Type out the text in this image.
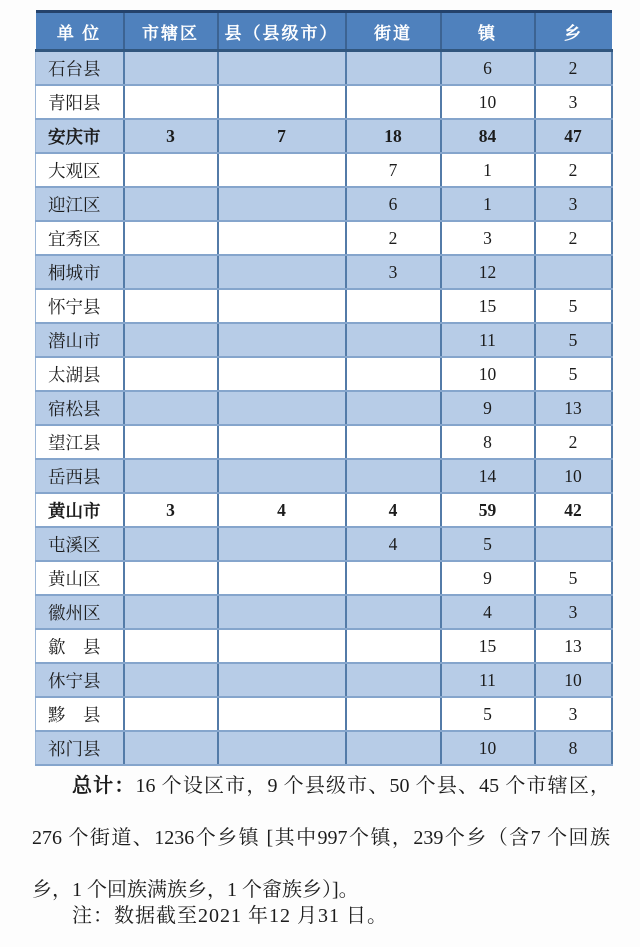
单 位	市辖区	县（县级市）	街道	镇	乡
石台县				6	2
青阳县				10	3
安庆市	3	7	18	84	47
大观区			7	1	2
迎江区			6	1	3
宜秀区			2	3	2
桐城市			3	12	
怀宁县				15	5
潜山市				11	5
太湖县				10	5
宿松县				9	13
望江县				8	2
岳西县				14	10
黄山市	3	4	4	59	42
屯溪区			4	5	
黄山区				9	5
徽州区				4	3
歙　县				15	13
休宁县				11	10
黟　县				5	3
祁门县				10	8

总计：16 个设区市，9 个县级市、50 个县、45 个市辖区，276 个街道、1236个乡镇 [其中997个镇，239个乡（含7 个回族乡，1 个回族满族乡，1 个畲族乡）]。

注：数据截至2021 年12 月31 日。
